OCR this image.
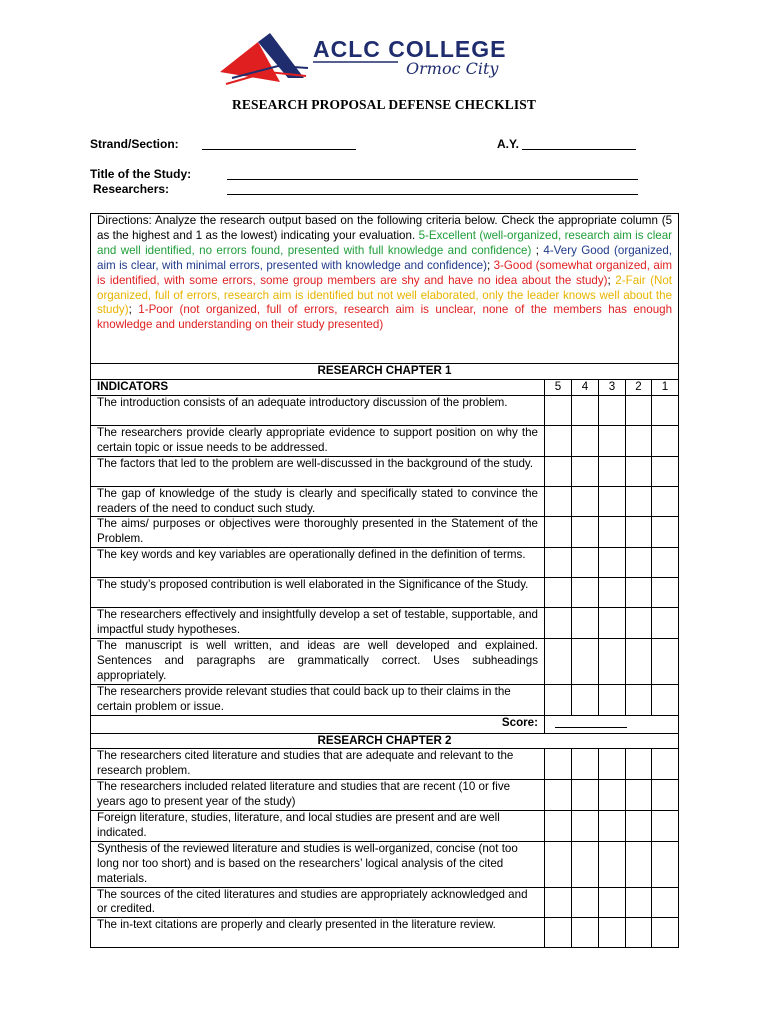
ACLC COLLEGE
Ormoc City
RESEARCH PROPOSAL DEFENSE CHECKLIST
Strand/Section:	A.Y.
Title of the Study:
Researchers:
Directions: Analyze the research output based on the following criteria below. Check the appropriate column (5 as the highest and 1 as the lowest) indicating your evaluation. 5-Excellent (well-organized, research aim is clear and well identified, no errors found, presented with full knowledge and confidence) ; 4-Very Good (organized, aim is clear, with minimal errors, presented with knowledge and confidence); 3-Good (somewhat organized, aim is identified, with some errors, some group members are shy and have no idea about the study); 2-Fair (Not organized, full of errors, research aim is identified but not well elaborated, only the leader knows well about the study); 1-Poor (not organized, full of errors, research aim is unclear, none of the members has enough knowledge and understanding on their study presented)					
RESEARCH CHAPTER 1					
INDICATORS	5	4	3	2	1
The introduction consists of an adequate introductory discussion of the problem.					
The researchers provide clearly appropriate evidence to support position on why the certain topic or issue needs to be addressed.					
The factors that led to the problem are well-discussed in the background of the study.					
The gap of knowledge of the study is clearly and specifically stated to convince the readers of the need to conduct such study.					
The aims/ purposes or objectives were thoroughly presented in the Statement of the Problem.					
The key words and key variables are operationally defined in the definition of terms.					
The study’s proposed contribution is well elaborated in the Significance of the Study.					
The researchers effectively and insightfully develop a set of testable, supportable, and impactful study hypotheses.					
The manuscript is well written, and ideas are well developed and explained. Sentences and paragraphs are grammatically correct. Uses subheadings appropriately.					
The researchers provide relevant studies that could back up to their claims in the certain problem or issue.					
Score:					
RESEARCH CHAPTER 2					
The researchers cited literature and studies that are adequate and relevant to the research problem.					
The researchers included related literature and studies that are recent (10 or five years ago to present year of the study)					
Foreign literature, studies, literature, and local studies are present and are well indicated.					
Synthesis of the reviewed literature and studies is well-organized, concise (not too long nor too short) and is based on the researchers’ logical analysis of the cited materials.					
The sources of the cited literatures and studies are appropriately acknowledged and or credited.					
The in-text citations are properly and clearly presented in the literature review.					
